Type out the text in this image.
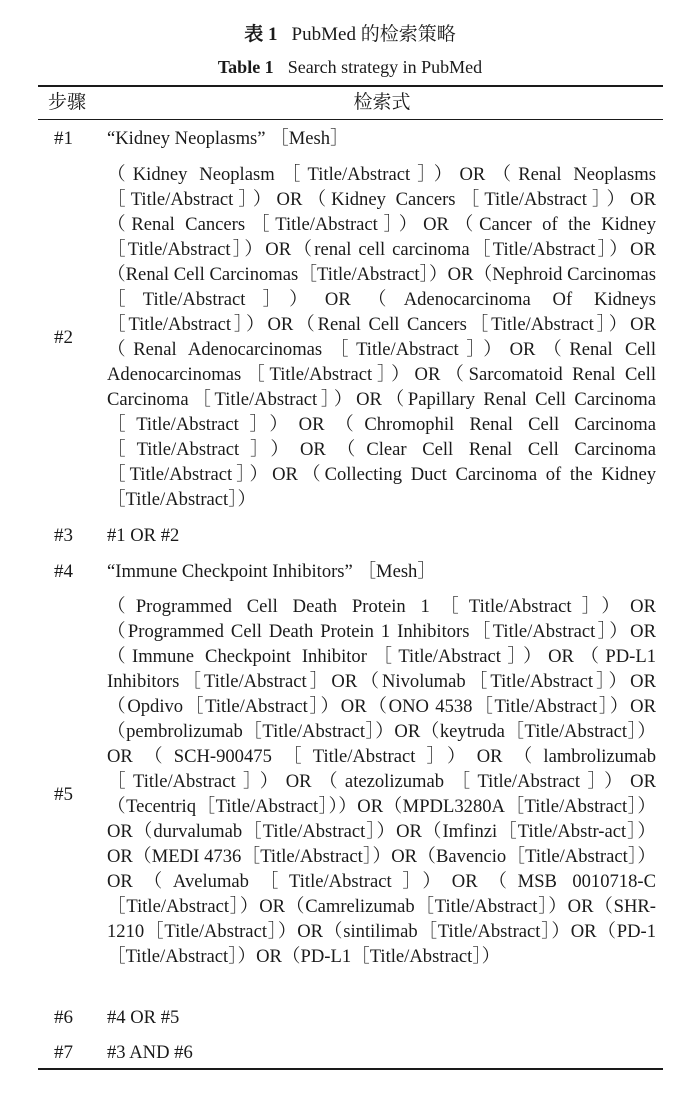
表 1 PubMed 的检索策略
Table 1 Search strategy in PubMed
步骤	检索式
#1 “Kidney Neoplasms” ［Mesh］
#2
（Kidney Neoplasm［Title/Abstract］）OR（Renal Neoplasms［Title/Abstract］）OR（Kidney Cancers［Title/Abstract］）OR（Renal Cancers［Title/Abstract］）OR（Cancer of the Kidney［Title/Abstract］）OR（renal cell carcinoma［Title/Abstract］）OR（Renal Cell Carcinomas［Title/Abstract］）OR（Nephroid Carcinomas［Title/Abstract］）OR（Adenocarcinoma Of Kidneys［Title/Abstract］）OR（Renal Cell Cancers［Title/Abstract］）OR（Renal Adenocarcinomas［Title/Abstract］）OR（Renal Cell Adenocarcinomas［Title/Abstract］）OR（Sarcomatoid Renal Cell Carcinoma［Title/Abstract］）OR（Papillary Renal Cell Carcinoma［Title/Abstract］）OR（Chromophil Renal Cell Carcinoma［Title/Abstract］）OR（Clear Cell Renal Cell Carcinoma［Title/Abstract］）OR（Collecting Duct Carcinoma of the Kidney［Title/Abstract］）
#3 #1 OR #2
#4 “Immune Checkpoint Inhibitors” ［Mesh］
#5
（Programmed Cell Death Protein 1［Title/Abstract］）OR（Programmed Cell Death Protein 1 Inhibitors［Title/Abstract］）OR（Immune Checkpoint Inhibitor［Title/Abstract］）OR（PD-L1 Inhibitors［Title/Abstract］OR（Nivolumab［Title/Abstract］）OR（Opdivo［Title/Abstract］）OR（ONO 4538［Title/Abstract］）OR（pembrolizumab［Title/Abstract］）OR（keytruda［Title/Abstract］）OR（SCH-900475［Title/Abstract］）OR（lambrolizumab［Title/Abstract］）OR（atezolizumab［Title/Abstract］）OR（Tecentriq［Title/Abstract］））OR（MPDL3280A［Title/Abstract］）OR（durvalumab［Title/Abstract］）OR（Imfinzi［Title/Abstr-act］）OR（MEDI 4736［Title/Abstract］）OR（Bavencio［Title/Abstract］）OR（Avelumab［Title/Abstract］）OR（MSB 0010718-C［Title/Abstract］）OR（Camrelizumab［Title/Abstract］）OR（SHR-1210［Title/Abstract］）OR（sintilimab［Title/Abstract］）OR（PD-1［Title/Abstract］）OR（PD-L1［Title/Abstract］）
#6 #4 OR #5
#7 #3 AND #6
